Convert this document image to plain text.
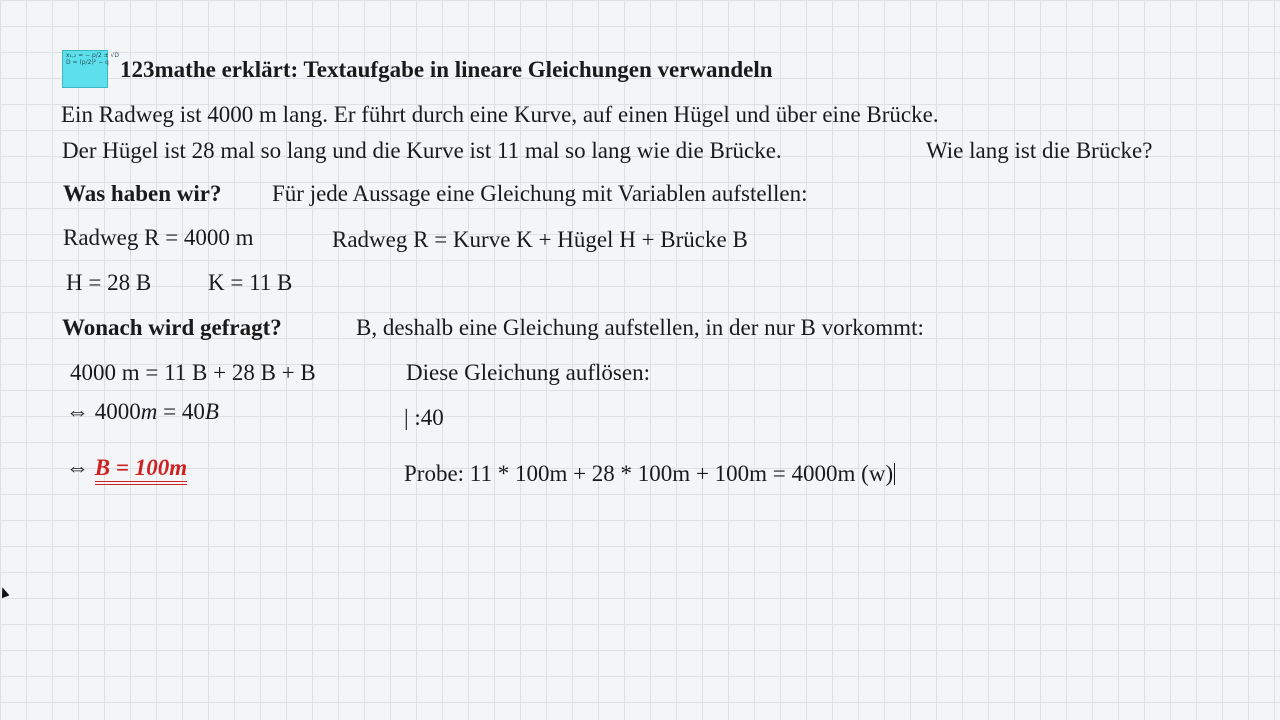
x₁,₂ = − p/2 ± √D
D = (p/2)² − q 123mathe erklärt: Textaufgabe in lineare Gleichungen verwandeln
Ein Radweg ist 4000 m lang. Er führt durch eine Kurve, auf einen Hügel und über eine Brücke.
Der Hügel ist 28 mal so lang und die Kurve ist 11 mal so lang wie die Brücke.	Wie lang ist die Brücke?
Was haben wir? Für jede Aussage eine Gleichung mit Variablen aufstellen:
Radweg R = 4000 m	Radweg R = Kurve K + Hügel H + Brücke B
H = 28 B K = 11 B
Wonach wird gefragt?	B, deshalb eine Gleichung aufstellen, in der nur B vorkommt:
4000 m = 11 B + 28 B + B	Diese Gleichung auflösen:
⇔ 4000m = 40B	| :40
⇔ B = 100m	Probe: 11 * 100m + 28 * 100m + 100m = 4000m (w)
